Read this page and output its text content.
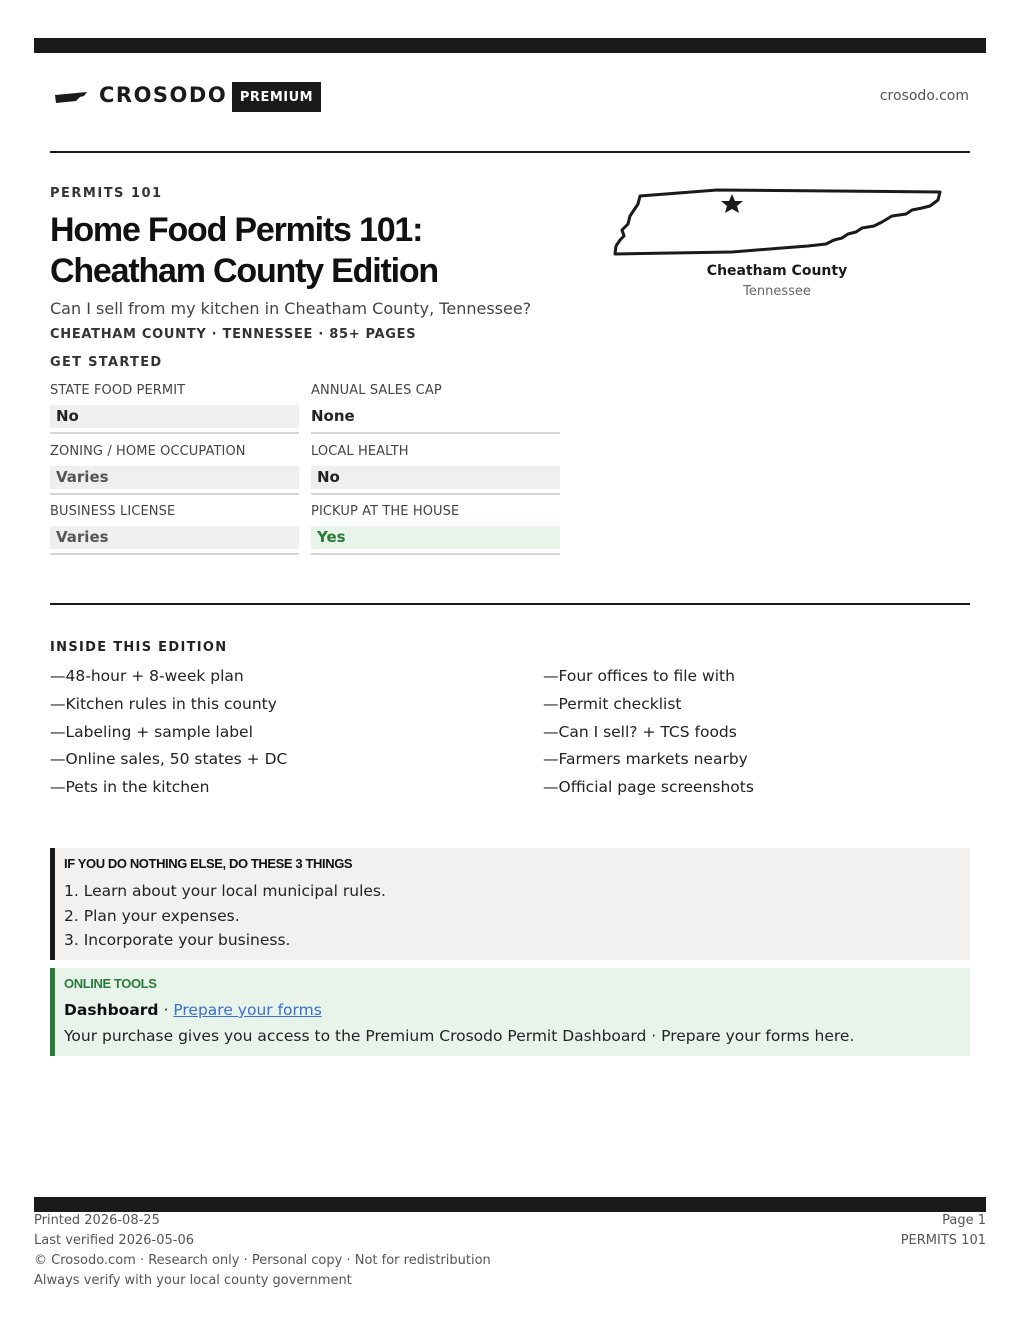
CROSODO PREMIUM	crosodo.com
PERMITS 101
Home Food Permits 101:
Cheatham County Edition
Can I sell from my kitchen in Cheatham County, Tennessee?
CHEATHAM COUNTY · TENNESSEE · 85+ PAGES
Cheatham County
Tennessee
GET STARTED
STATE FOOD PERMIT
No
ANNUAL SALES CAP
None
ZONING / HOME OCCUPATION
Varies
LOCAL HEALTH
No
BUSINESS LICENSE
Varies
PICKUP AT THE HOUSE
Yes
INSIDE THIS EDITION
—48-hour + 8-week plan
—Kitchen rules in this county
—Labeling + sample label
—Online sales, 50 states + DC
—Pets in the kitchen
—Four offices to file with
—Permit checklist
—Can I sell? + TCS foods
—Farmers markets nearby
—Official page screenshots
IF YOU DO NOTHING ELSE, DO THESE 3 THINGS
1. Learn about your local municipal rules.
2. Plan your expenses.
3. Incorporate your business.
ONLINE TOOLS
Dashboard · Prepare your forms
Your purchase gives you access to the Premium Crosodo Permit Dashboard · Prepare your forms here.
Printed 2026-08-25
Last verified 2026-05-06
© Crosodo.com · Research only · Personal copy · Not for redistribution
Always verify with your local county government
Page 1
PERMITS 101
